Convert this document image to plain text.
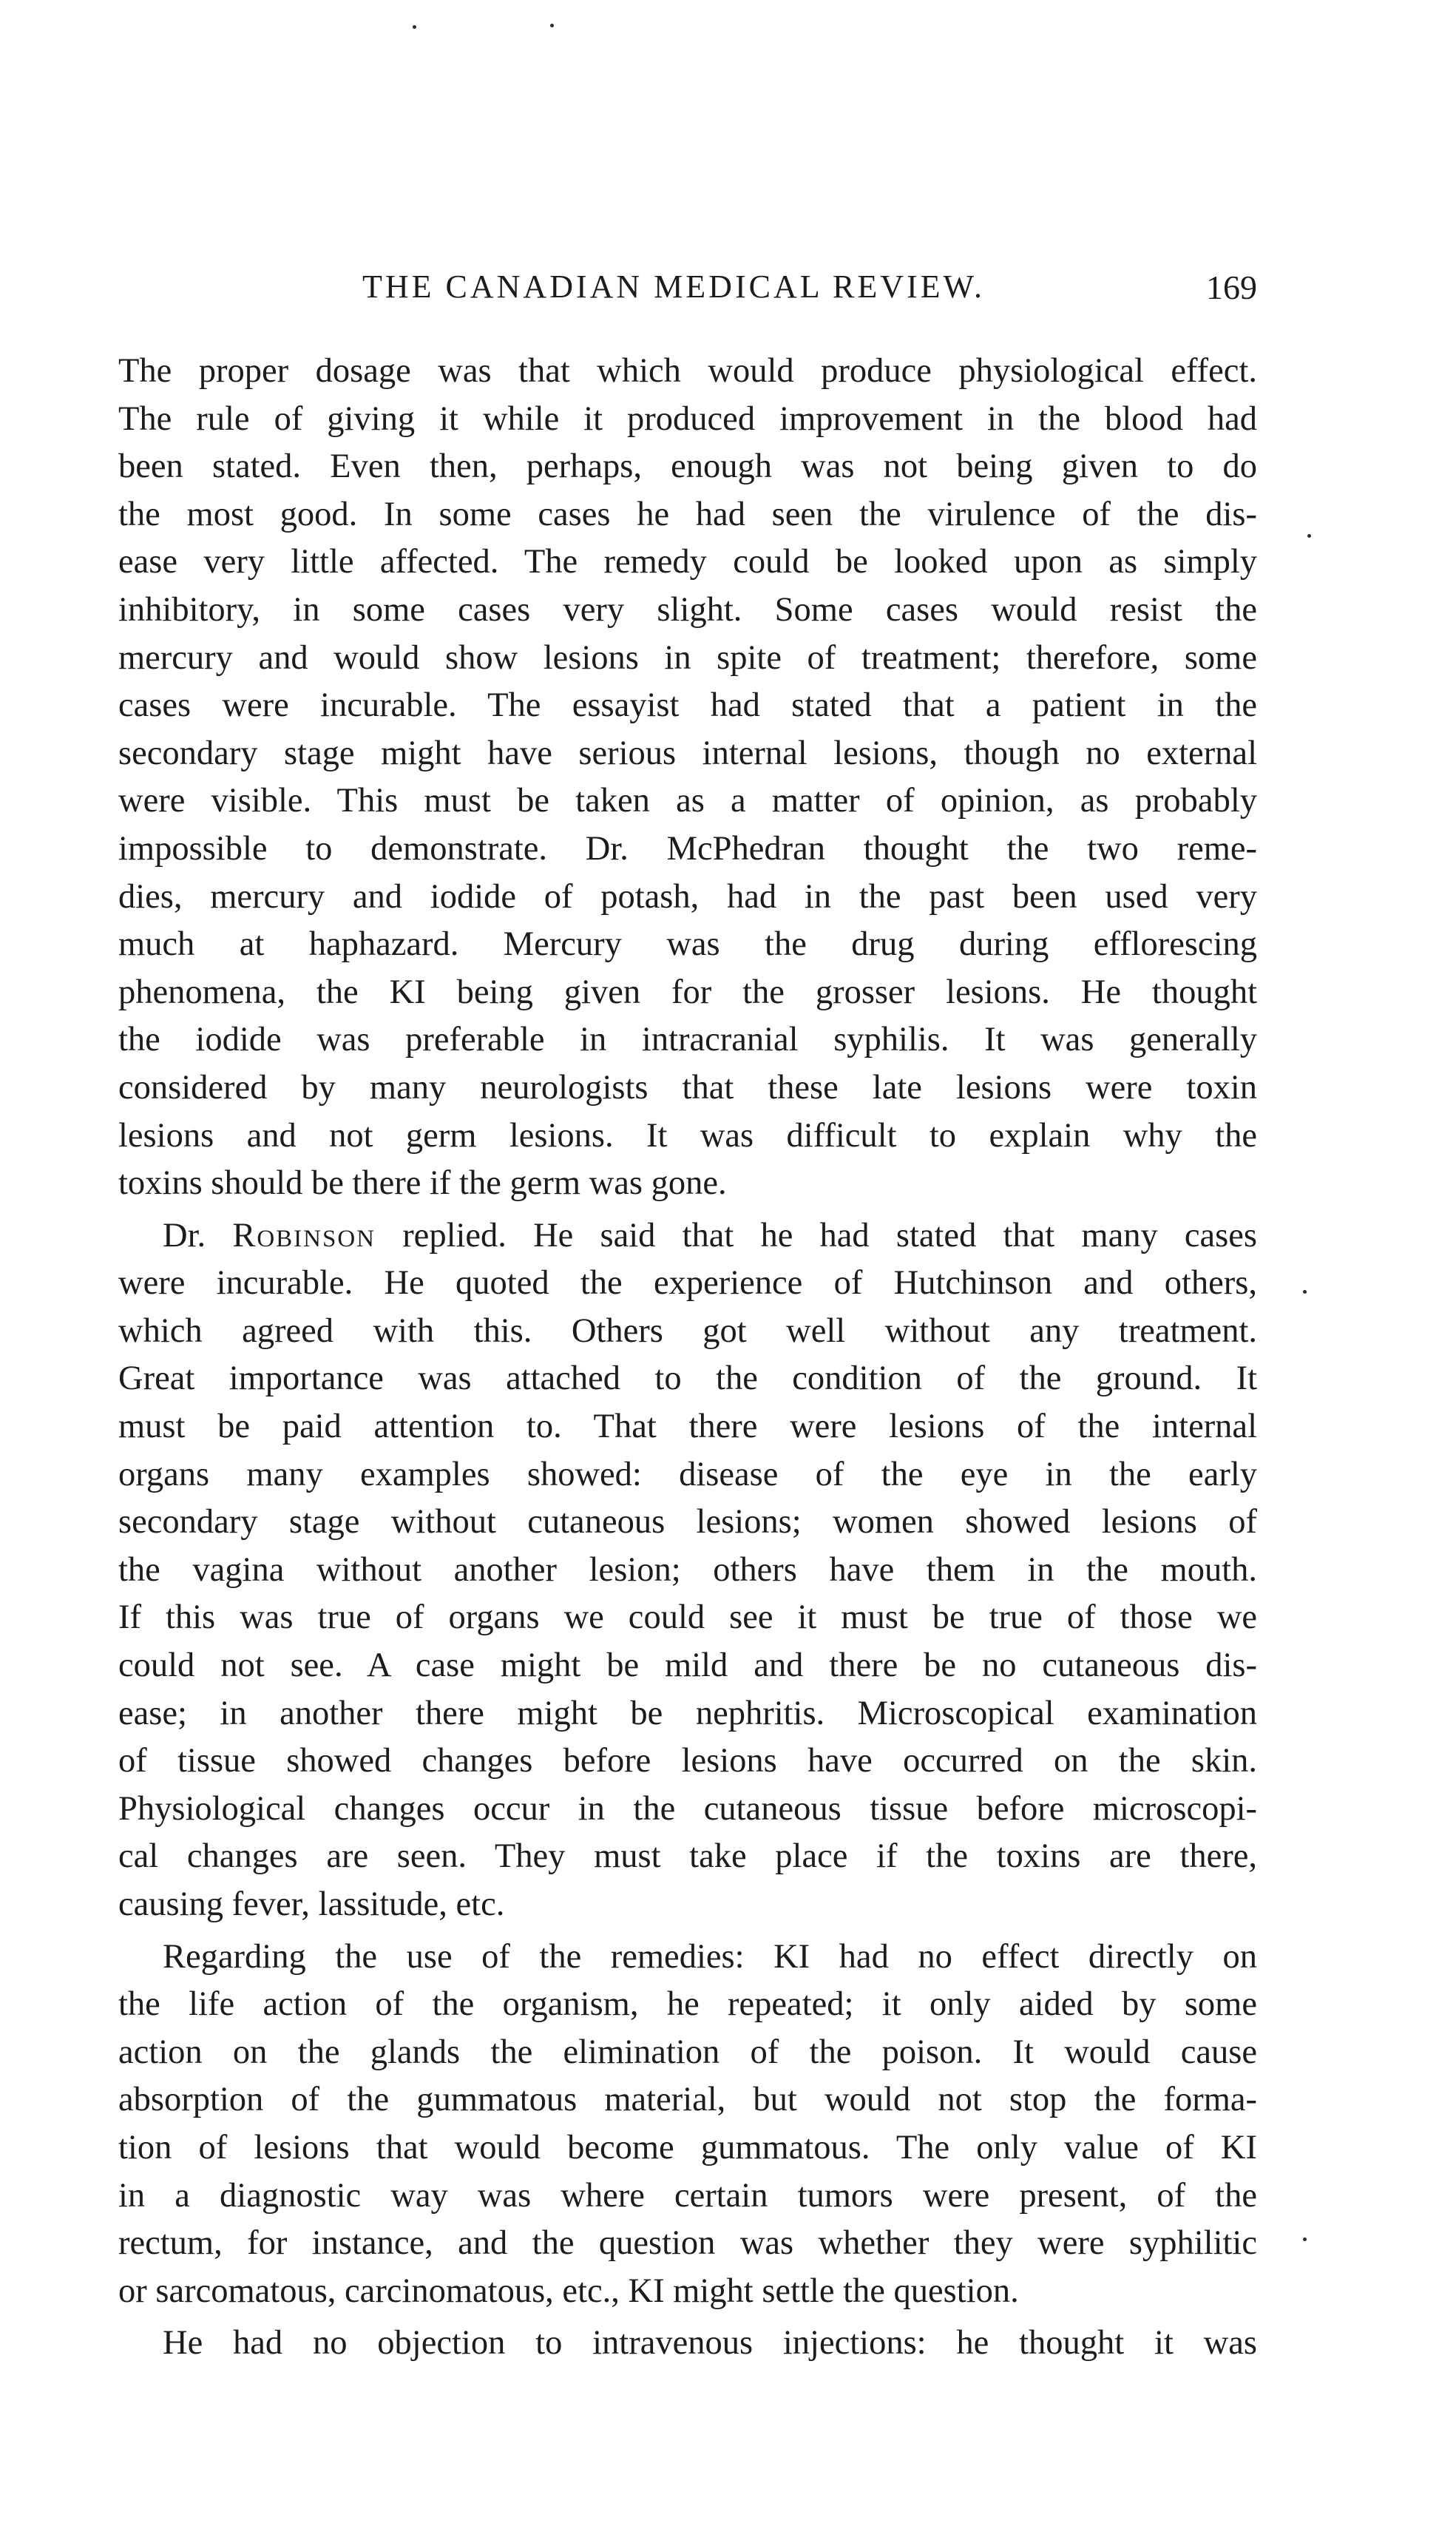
THE CANADIAN MEDICAL REVIEW.	169
The proper dosage was that which would produce physiological effect.
The rule of giving it while it produced improvement in the blood had
been stated. Even then, perhaps, enough was not being given to do
the most good. In some cases he had seen the virulence of the dis-
ease very little affected. The remedy could be looked upon as simply
inhibitory, in some cases very slight. Some cases would resist the
mercury and would show lesions in spite of treatment; therefore, some
cases were incurable. The essayist had stated that a patient in the
secondary stage might have serious internal lesions, though no external
were visible. This must be taken as a matter of opinion, as probably
impossible to demonstrate. Dr. McPhedran thought the two reme-
dies, mercury and iodide of potash, had in the past been used very
much at haphazard. Mercury was the drug during efflorescing
phenomena, the KI being given for the grosser lesions. He thought
the iodide was preferable in intracranial syphilis. It was generally
considered by many neurologists that these late lesions were toxin
lesions and not germ lesions. It was difficult to explain why the
toxins should be there if the germ was gone.
Dr. Robinson replied. He said that he had stated that many cases
were incurable. He quoted the experience of Hutchinson and others,
which agreed with this. Others got well without any treatment.
Great importance was attached to the condition of the ground. It
must be paid attention to. That there were lesions of the internal
organs many examples showed: disease of the eye in the early
secondary stage without cutaneous lesions; women showed lesions of
the vagina without another lesion; others have them in the mouth.
If this was true of organs we could see it must be true of those we
could not see. A case might be mild and there be no cutaneous dis-
ease; in another there might be nephritis. Microscopical examination
of tissue showed changes before lesions have occurred on the skin.
Physiological changes occur in the cutaneous tissue before microscopi-
cal changes are seen. They must take place if the toxins are there,
causing fever, lassitude, etc.
Regarding the use of the remedies: KI had no effect directly on
the life action of the organism, he repeated; it only aided by some
action on the glands the elimination of the poison. It would cause
absorption of the gummatous material, but would not stop the forma-
tion of lesions that would become gummatous. The only value of KI
in a diagnostic way was where certain tumors were present, of the
rectum, for instance, and the question was whether they were syphilitic
or sarcomatous, carcinomatous, etc., KI might settle the question.
He had no objection to intravenous injections: he thought it was
